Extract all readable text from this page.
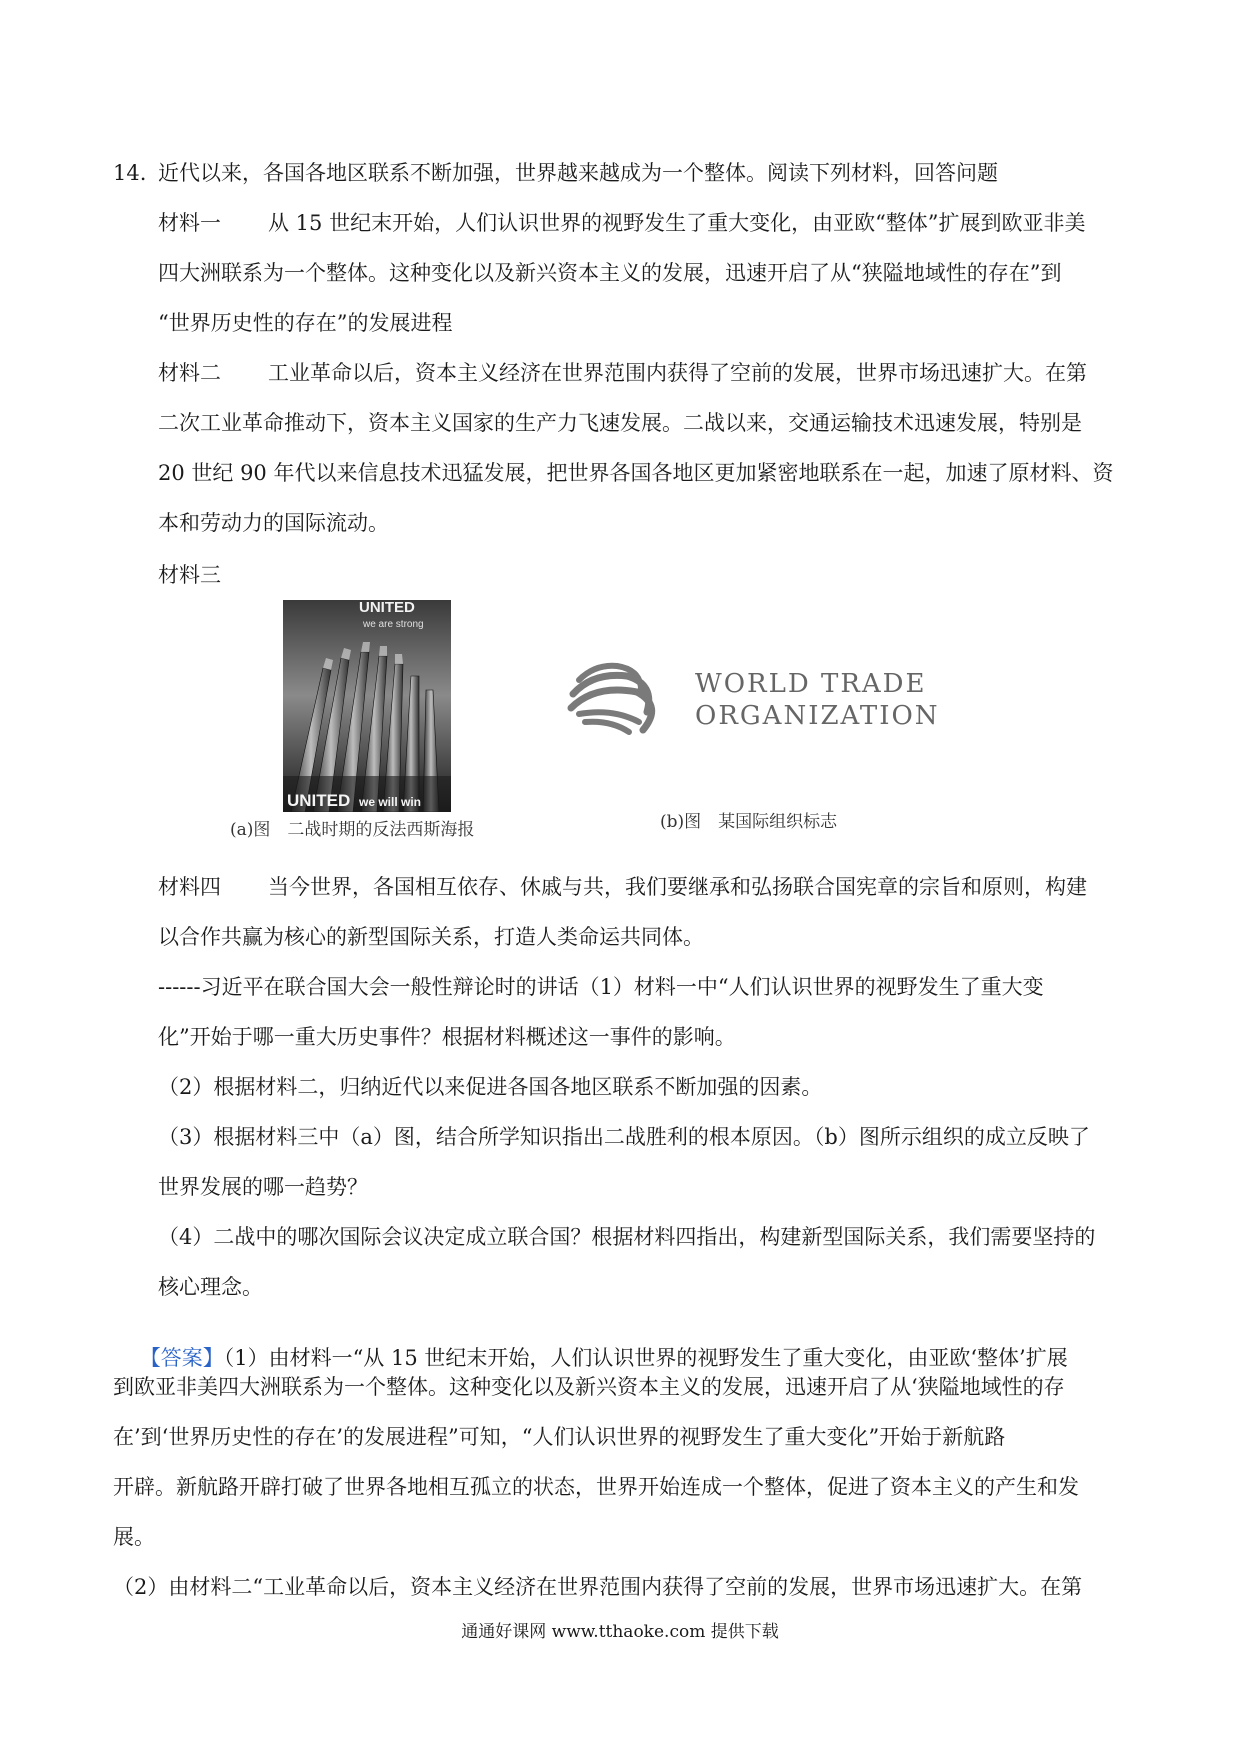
14. 近代以来，各国各地区联系不断加强，世界越来越成为一个整体。阅读下列材料，回答问题
材料一 从 15 世纪末开始，人们认识世界的视野发生了重大变化，由亚欧“整体”扩展到欧亚非美
四大洲联系为一个整体。这种变化以及新兴资本主义的发展，迅速开启了从“狭隘地域性的存在”到
“世界历史性的存在”的发展进程
材料二 工业革命以后，资本主义经济在世界范围内获得了空前的发展，世界市场迅速扩大。在第
二次工业革命推动下，资本主义国家的生产力飞速发展。二战以来，交通运输技术迅速发展，特别是
20 世纪 90 年代以来信息技术迅猛发展，把世界各国各地区更加紧密地联系在一起，加速了原材料、资
本和劳动力的国际流动。
材料三
材料四 当今世界，各国相互依存、休戚与共，我们要继承和弘扬联合国宪章的宗旨和原则，构建
以合作共赢为核心的新型国际关系，打造人类命运共同体。
------习近平在联合国大会一般性辩论时的讲话（1）材料一中“人们认识世界的视野发生了重大变
化”开始于哪一重大历史事件？根据材料概述这一事件的影响。
（2）根据材料二，归纳近代以来促进各国各地区联系不断加强的因素。
（3）根据材料三中（a）图，结合所学知识指出二战胜利的根本原因。（b）图所示组织的成立反映了
世界发展的哪一趋势？
（4）二战中的哪次国际会议决定成立联合国？根据材料四指出，构建新型国际关系，我们需要坚持的
核心理念。

【答案】（1）由材料一“从 15 世纪末开始，人们认识世界的视野发生了重大变化，由亚欧‘整体’扩展

到欧亚非美四大洲联系为一个整体。这种变化以及新兴资本主义的发展，迅速开启了从‘狭隘地域性的存
在’到‘世界历史性的存在’的发展进程”可知，“人们认识世界的视野发生了重大变化”开始于新航路
开辟。新航路开辟打破了世界各地相互孤立的状态，世界开始连成一个整体，促进了资本主义的产生和发
展。
（2）由材料二“工业革命以后，资本主义经济在世界范围内获得了空前的发展，世界市场迅速扩大。在第
UNITED
we are strong
UNITED we will win
(a)图　二战时期的反法西斯海报
WORLD TRADE
ORGANIZATION
(b)图　某国际组织标志
通通好课网 www.tthaoke.com 提供下载
